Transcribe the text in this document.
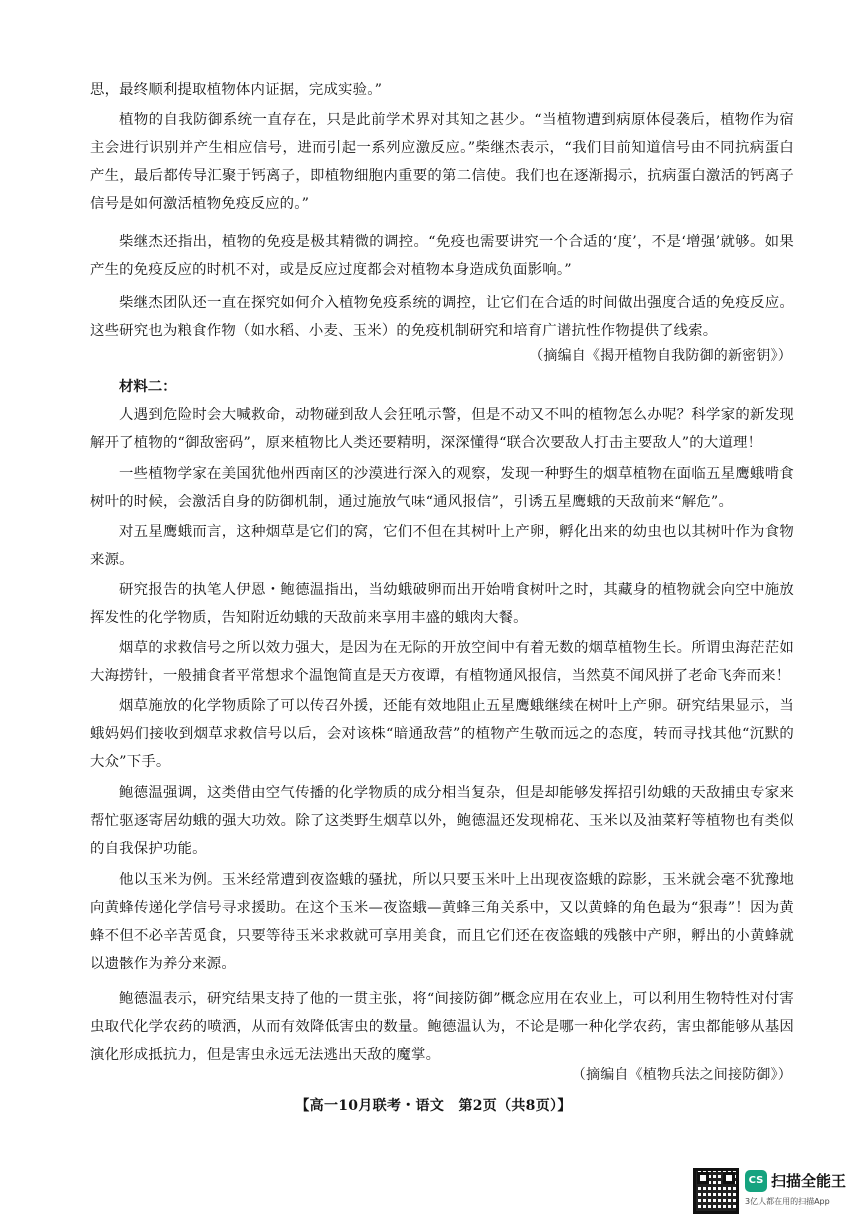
思，最终顺利提取植物体内证据，完成实验。”

植物的自我防御系统一直存在，只是此前学术界对其知之甚少。“当植物遭到病原体侵袭后，植物作为宿主会进行识别并产生相应信号，进而引起一系列应激反应。”柴继杰表示，“我们目前知道信号由不同抗病蛋白产生，最后都传导汇聚于钙离子，即植物细胞内重要的第二信使。我们也在逐渐揭示，抗病蛋白激活的钙离子信号是如何激活植物免疫反应的。”

柴继杰还指出，植物的免疫是极其精微的调控。“免疫也需要讲究一个合适的‘度’，不是‘增强’就够。如果产生的免疫反应的时机不对，或是反应过度都会对植物本身造成负面影响。”

柴继杰团队还一直在探究如何介入植物免疫系统的调控，让它们在合适的时间做出强度合适的免疫反应。这些研究也为粮食作物（如水稻、小麦、玉米）的免疫机制研究和培育广谱抗性作物提供了线索。

（摘编自《揭开植物自我防御的新密钥》）

材料二：

人遇到危险时会大喊救命，动物碰到敌人会狂吼示警，但是不动又不叫的植物怎么办呢？科学家的新发现解开了植物的“御敌密码”，原来植物比人类还要精明，深深懂得“联合次要敌人打击主要敌人”的大道理！

一些植物学家在美国犹他州西南区的沙漠进行深入的观察，发现一种野生的烟草植物在面临五星鹰蛾啃食树叶的时候，会激活自身的防御机制，通过施放气味“通风报信”，引诱五星鹰蛾的天敌前来“解危”。

对五星鹰蛾而言，这种烟草是它们的窝，它们不但在其树叶上产卵，孵化出来的幼虫也以其树叶作为食物来源。

研究报告的执笔人伊恩・鲍德温指出，当幼蛾破卵而出开始啃食树叶之时，其藏身的植物就会向空中施放挥发性的化学物质，告知附近幼蛾的天敌前来享用丰盛的蛾肉大餐。

烟草的求救信号之所以效力强大，是因为在无际的开放空间中有着无数的烟草植物生长。所谓虫海茫茫如大海捞针，一般捕食者平常想求个温饱简直是天方夜谭，有植物通风报信，当然莫不闻风拼了老命飞奔而来！

烟草施放的化学物质除了可以传召外援，还能有效地阻止五星鹰蛾继续在树叶上产卵。研究结果显示，当蛾妈妈们接收到烟草求救信号以后，会对该株“暗通敌营”的植物产生敬而远之的态度，转而寻找其他“沉默的大众”下手。

鲍德温强调，这类借由空气传播的化学物质的成分相当复杂，但是却能够发挥招引幼蛾的天敌捕虫专家来帮忙驱逐寄居幼蛾的强大功效。除了这类野生烟草以外，鲍德温还发现棉花、玉米以及油菜籽等植物也有类似的自我保护功能。

他以玉米为例。玉米经常遭到夜盗蛾的骚扰，所以只要玉米叶上出现夜盗蛾的踪影，玉米就会毫不犹豫地向黄蜂传递化学信号寻求援助。在这个玉米—夜盗蛾—黄蜂三角关系中，又以黄蜂的角色最为“狠毒”！因为黄蜂不但不必辛苦觅食，只要等待玉米求救就可享用美食，而且它们还在夜盗蛾的残骸中产卵，孵出的小黄蜂就以遗骸作为养分来源。

鲍德温表示，研究结果支持了他的一贯主张，将“间接防御”概念应用在农业上，可以利用生物特性对付害虫取代化学农药的喷洒，从而有效降低害虫的数量。鲍德温认为，不论是哪一种化学农药，害虫都能够从基因演化形成抵抗力，但是害虫永远无法逃出天敌的魔掌。

（摘编自《植物兵法之间接防御》）

【高一10月联考・语文　第2页（共8页）】
CS 扫描全能王
3亿人都在用的扫描App
